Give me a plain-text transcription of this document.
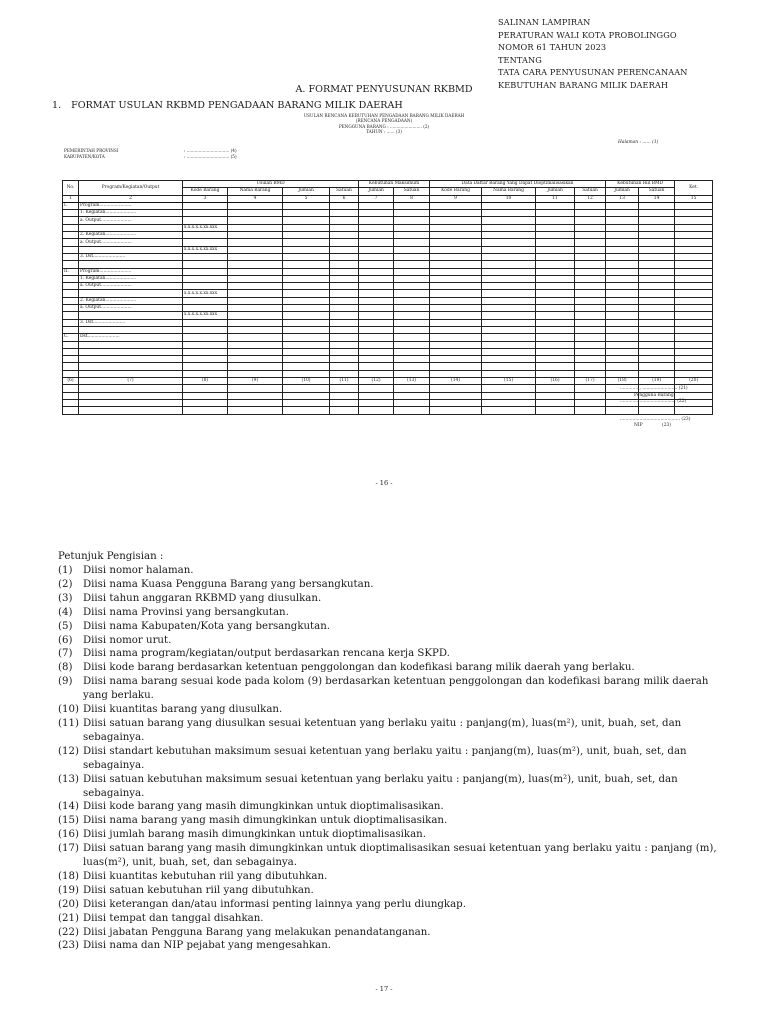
SALINAN LAMPIRAN
PERATURAN WALI KOTA PROBOLINGGO
NOMOR 61 TAHUN 2023
TENTANG
TATA CARA PENYUSUNAN PERENCANAAN
KEBUTUHAN BARANG MILIK DAERAH
A. FORMAT PENYUSUNAN RKBMD
1. FORMAT USULAN RKBMD PENGADAAN BARANG MILIK DAERAH
USULAN RENCANA KEBUTUHAN PENGADAAN BARANG MILIK DAERAH
(RENCANA PENGADAAN)
PENGGUNA BARANG : ........................ (2)
TAHUN : ...... (3)
Halaman : ...... (1)
PEMERINTAH PROVINSI	: ................................ (4)
KABUPATEN/KOTA	: ................................ (5)
No.	Program/Kegiatan/Output	Usulan BMD				Kebutuhan Maksimum		Data Daftar Barang Yang Dapat Dioptimalisasikan				Kebutuhan Riil BMD		Ket.
		Kode Barang	Nama Barang	Jumlah	Satuan	Jumlah	Satuan	Kode Barang	Nama Barang	Jumlah	Satuan	Jumlah	Satuan	
1	2	3	4	5	6	7	8	9	10	11	12	13	14	15
I.	Program.......................													
	1. Kegiatan......................													
	a. Output......................													
		x.x.x.x.x.xx.xxx												
	2. Kegiatan......................													
	a. Output......................													
		x.x.x.x.x.xx.xxx												
	3. Dst.......................													

II.	Program.......................													
	1. Kegiatan......................													
	a. Output......................													
		x.x.x.x.x.xx.xxx												
	2. Kegiatan......................													
	a. Output......................													
		x.x.x.x.x.xx.xxx												
	3. Dst.......................													

C.	Dst.......................													

(6)	(7)	(8)	(9)	(10)	(11)	(12)	(13)	(14)	(15)	(16)	(17)	(18)	(19)	(20)

.............., ......................... (21)
Pengguna Barang
........................................ (22)
........................................... (23)
NIP	(23)
- 16 -
Petunjuk Pengisian :
(1)	Diisi nomor halaman.
(2)	Diisi nama Kuasa Pengguna Barang yang bersangkutan.
(3)	Diisi tahun anggaran RKBMD yang diusulkan.
(4)	Diisi nama Provinsi yang bersangkutan.
(5)	Diisi nama Kabupaten/Kota yang bersangkutan.
(6)	Diisi nomor urut.
(7)	Diisi nama program/kegiatan/output berdasarkan rencana kerja SKPD.
(8)	Diisi kode barang berdasarkan ketentuan penggolongan dan kodefikasi barang milik daerah yang berlaku.
(9)	Diisi nama barang sesuai kode pada kolom (9) berdasarkan ketentuan penggolongan dan kodefikasi barang milik daerah yang berlaku.
(10) Diisi kuantitas barang yang diusulkan.
(11) Diisi satuan barang yang diusulkan sesuai ketentuan yang berlaku yaitu : panjang(m), luas(m²), unit, buah, set, dan sebagainya.
(12) Diisi standart kebutuhan maksimum sesuai ketentuan yang berlaku yaitu : panjang(m), luas(m²), unit, buah, set, dan sebagainya.
(13) Diisi satuan kebutuhan maksimum sesuai ketentuan yang berlaku yaitu : panjang(m), luas(m²), unit, buah, set, dan sebagainya.
(14) Diisi kode barang yang masih dimungkinkan untuk dioptimalisasikan.
(15) Diisi nama barang yang masih dimungkinkan untuk dioptimalisasikan.
(16) Diisi jumlah barang masih dimungkinkan untuk dioptimalisasikan.
(17) Diisi satuan barang yang masih dimungkinkan untuk dioptimalisasikan sesuai ketentuan yang berlaku yaitu : panjang (m), luas(m²), unit, buah, set, dan sebagainya.
(18) Diisi kuantitas kebutuhan riil yang dibutuhkan.
(19) Diisi satuan kebutuhan riil yang dibutuhkan.
(20) Diisi keterangan dan/atau informasi penting lainnya yang perlu diungkap.
(21) Diisi tempat dan tanggal disahkan.
(22) Diisi jabatan Pengguna Barang yang melakukan penandatanganan.
(23) Diisi nama dan NIP pejabat yang mengesahkan.
- 17 -
